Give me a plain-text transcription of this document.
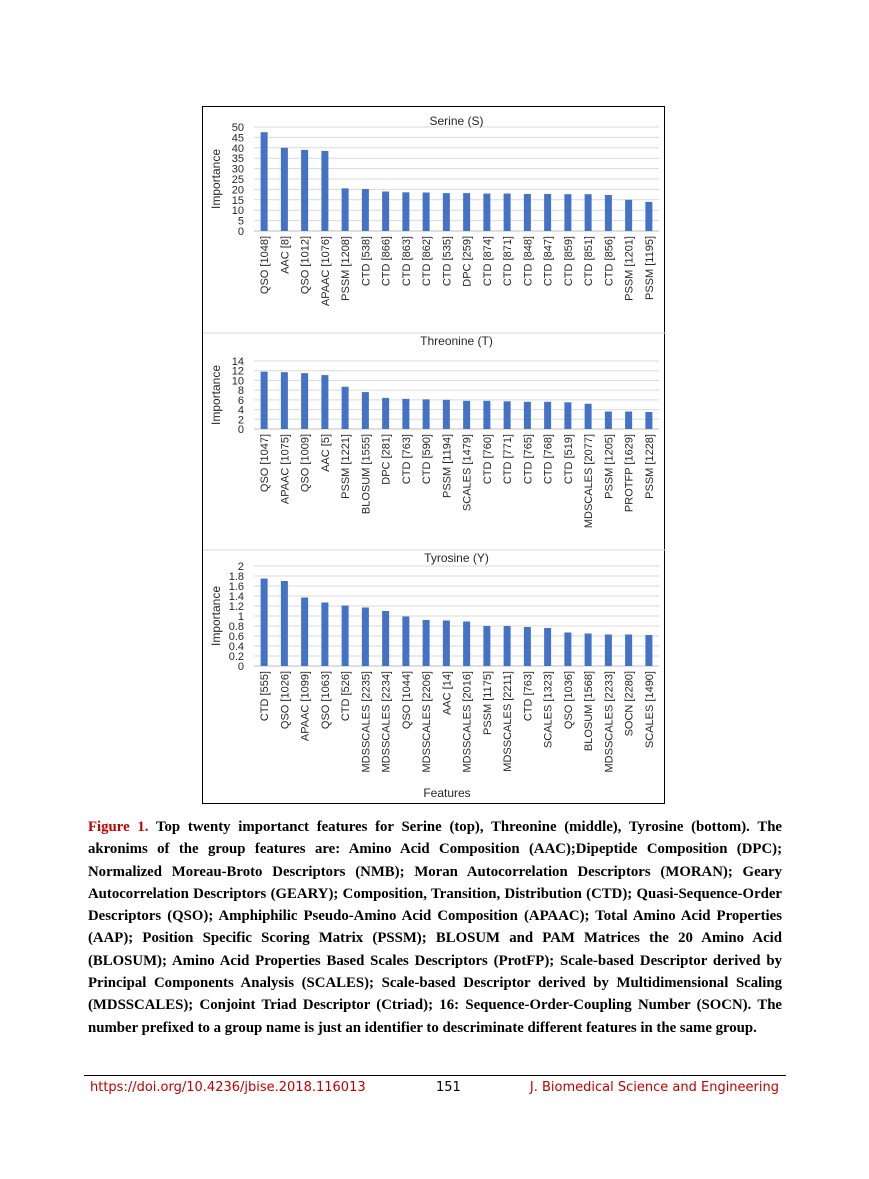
0
5
10
15
20
25
30
35
40
45
50	Serine (S)
Importance
QSO [1048] AAC [8] QSO [1012] APAAC [1076] PSSM [1208] CTD [538] CTD [866] CTD [863] CTD [862] CTD [535] DPC [259] CTD [874] CTD [871] CTD [848] CTD [847] CTD [859] CTD [851] CTD [856] PSSM [1201] PSSM [1195]
0
2
4
6
8
10
12
14
Threonine (T)
Importance
QSO [1047] APAAC [1075] QSO [1009] AAC [5] PSSM [1221] BLOSUM [1555] DPC [281] CTD [763] CTD [590] PSSM [1194] SCALES [1479] CTD [760] CTD [771] CTD [765] CTD [768] CTD [519] MDSCALES [2077] PSSM [1205] PROTFP [1629] PSSM [1228]
0
0.2
0.4
0.6
0.8
1
1.2
1.4
1.6
1.8
2
Tyrosine (Y)
Importance
CTD [555] QSO [1026] APAAC [1099] QSO [1063] CTD [526] MDSSCALES [2235] MDSSCALES [2234] QSO [1044] MDSSCALES [2206] AAC [14] MDSSCALES [2016] PSSM [1175] MDSSCALES [2211] CTD [763] SCALES [1323] QSO [1036] BLOSUM [1568] MDSSCALES [2233] SOCN [2280] SCALES [1490]
Features
Figure 1. Top twenty importanct features for Serine (top), Threonine (middle), Tyrosine (bottom). The akronims of the group features are: Amino Acid Composition (AAC);Dipeptide Composition (DPC); Normalized Moreau-Broto Descriptors (NMB); Moran Autocorrelation Descriptors (MORAN); Geary Autocorrelation Descriptors (GEARY); Composition, Transition, Distribution (CTD); Quasi-Sequence-Order Descriptors (QSO); Amphiphilic Pseudo-Amino Acid Composition (APAAC); Total Amino Acid Properties (AAP); Position Specific Scoring Matrix (PSSM); BLOSUM and PAM Matrices the 20 Amino Acid (BLOSUM); Amino Acid Properties Based Scales Descriptors (ProtFP); Scale-based Descriptor derived by Principal Components Analysis (SCALES); Scale-based Descriptor derived by Multidimensional Scaling (MDSSCALES); Conjoint Triad Descriptor (Ctriad); 16: Sequence-Order-Coupling Number (SOCN). The number prefixed to a group name is just an identifier to descriminate different features in the same group.
https://doi.org/10.4236/jbise.2018.116013	151	J. Biomedical Science and Engineering
